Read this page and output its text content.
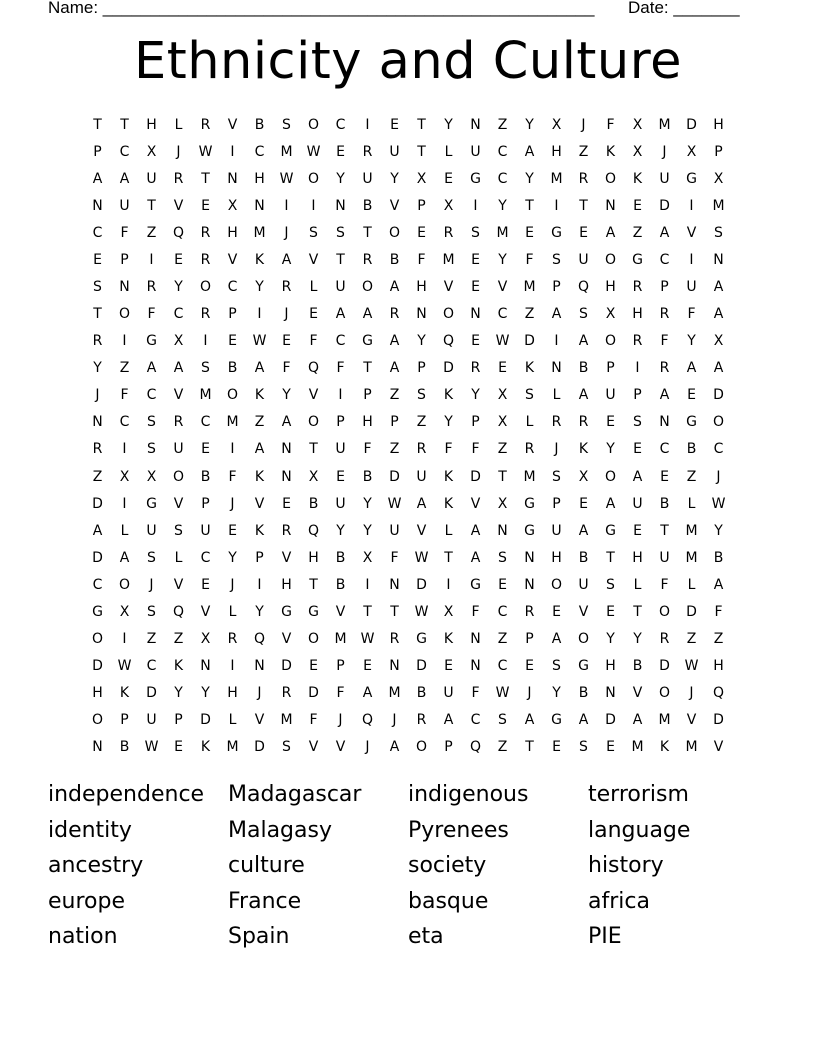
Name: ____________________________________________________ Date: _______
Ethnicity and Culture
T	T	H	L	R	V	B	S	O	C	I	E	T	Y	N	Z	Y	X	J	F	X	M	D	H
P	C	X	J	W	I	C	M	W	E	R	U	T	L	U	C	A	H	Z	K	X	J	X	P
A	A	U	R	T	N	H	W	O	Y	U	Y	X	E	G	C	Y	M	R	O	K	U	G	X
N	U	T	V	E	X	N	I	I	N	B	V	P	X	I	Y	T	I	T	N	E	D	I	M
C	F	Z	Q	R	H	M	J	S	S	T	O	E	R	S	M	E	G	E	A	Z	A	V	S
E	P	I	E	R	V	K	A	V	T	R	B	F	M	E	Y	F	S	U	O	G	C	I	N
S	N	R	Y	O	C	Y	R	L	U	O	A	H	V	E	V	M	P	Q	H	R	P	U	A
T	O	F	C	R	P	I	J	E	A	A	R	N	O	N	C	Z	A	S	X	H	R	F	A
R	I	G	X	I	E	W	E	F	C	G	A	Y	Q	E	W	D	I	A	O	R	F	Y	X
Y	Z	A	A	S	B	A	F	Q	F	T	A	P	D	R	E	K	N	B	P	I	R	A	A
J	F	C	V	M	O	K	Y	V	I	P	Z	S	K	Y	X	S	L	A	U	P	A	E	D
N	C	S	R	C	M	Z	A	O	P	H	P	Z	Y	P	X	L	R	R	E	S	N	G	O
R	I	S	U	E	I	A	N	T	U	F	Z	R	F	F	Z	R	J	K	Y	E	C	B	C
Z	X	X	O	B	F	K	N	X	E	B	D	U	K	D	T	M	S	X	O	A	E	Z	J
D	I	G	V	P	J	V	E	B	U	Y	W	A	K	V	X	G	P	E	A	U	B	L	W
A	L	U	S	U	E	K	R	Q	Y	Y	U	V	L	A	N	G	U	A	G	E	T	M	Y
D	A	S	L	C	Y	P	V	H	B	X	F	W	T	A	S	N	H	B	T	H	U	M	B
C	O	J	V	E	J	I	H	T	B	I	N	D	I	G	E	N	O	U	S	L	F	L	A
G	X	S	Q	V	L	Y	G	G	V	T	T	W	X	F	C	R	E	V	E	T	O	D	F
O	I	Z	Z	X	R	Q	V	O	M	W	R	G	K	N	Z	P	A	O	Y	Y	R	Z	Z
D	W	C	K	N	I	N	D	E	P	E	N	D	E	N	C	E	S	G	H	B	D	W	H
H	K	D	Y	Y	H	J	R	D	F	A	M	B	U	F	W	J	Y	B	N	V	O	J	Q
O	P	U	P	D	L	V	M	F	J	Q	J	R	A	C	S	A	G	A	D	A	M	V	D
N	B	W	E	K	M	D	S	V	V	J	A	O	P	Q	Z	T	E	S	E	M	K	M	V
independence	Madagascar	indigenous	terrorism
identity	Malagasy	Pyrenees	language
ancestry	culture	society	history
europe	France	basque	africa
nation	Spain	eta	PIE
